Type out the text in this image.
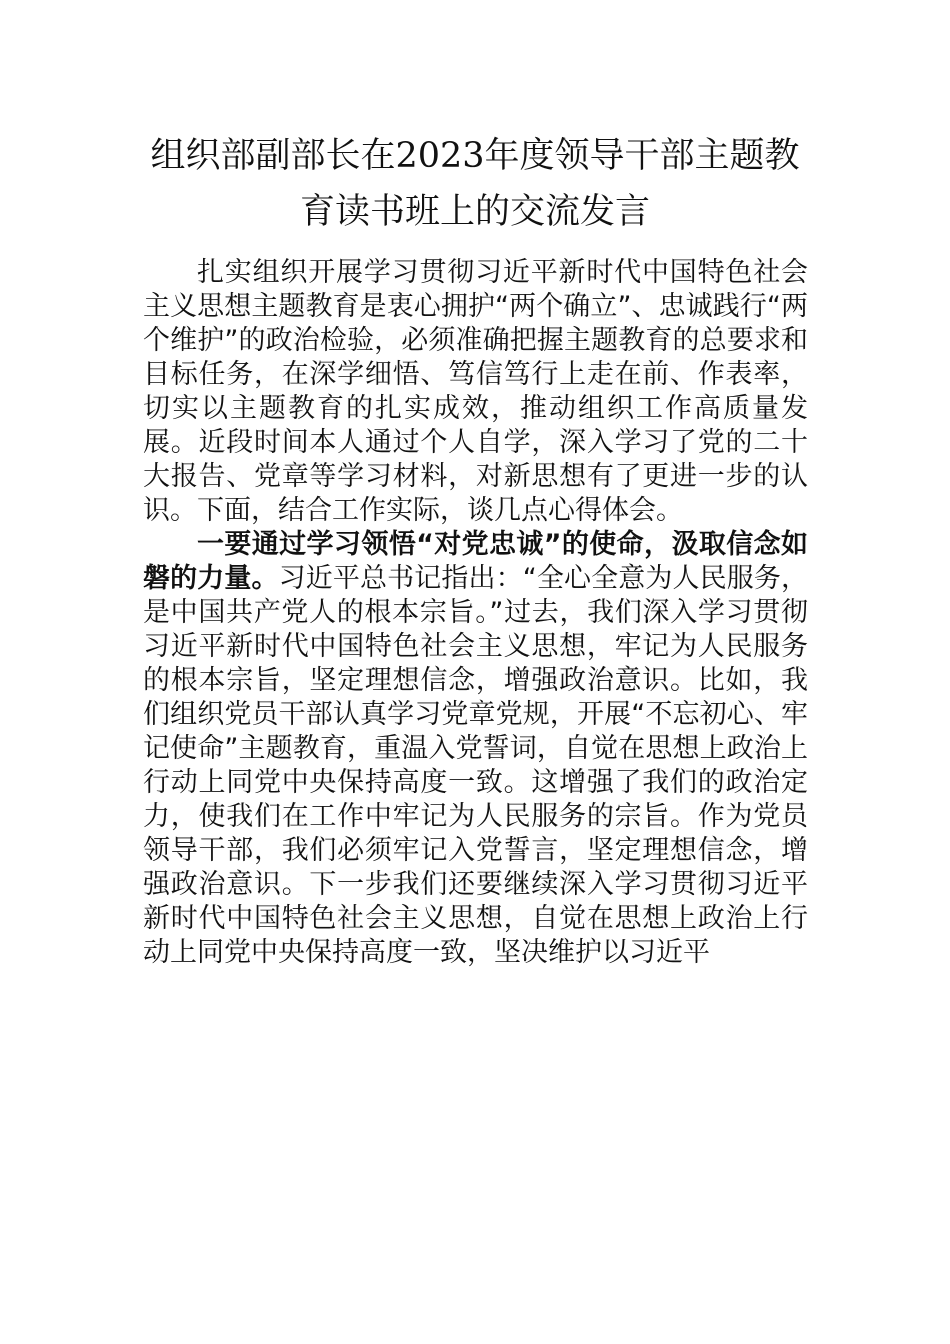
组织部副部长在2023年度领导干部主题教
育读书班上的交流发言

扎实组织开展学习贯彻习近平新时代中国特色社会主义思想主题教育是衷心拥护“两个确立”、忠诚践行“两个维护”的政治检验，必须准确把握主题教育的总要求和目标任务，在深学细悟、笃信笃行上走在前、作表率，切实以主题教育的扎实成效，推动组织工作高质量发展。近段时间本人通过个人自学，深入学习了党的二十大报告、党章等学习材料，对新思想有了更进一步的认识。下面，结合工作实际，谈几点心得体会。

一要通过学习领悟“对党忠诚”的使命，汲取信念如磐的力量。习近平总书记指出：“全心全意为人民服务，是中国共产党人的根本宗旨。”过去，我们深入学习贯彻习近平新时代中国特色社会主义思想，牢记为人民服务的根本宗旨，坚定理想信念，增强政治意识。比如，我们组织党员干部认真学习党章党规，开展“不忘初心、牢记使命”主题教育，重温入党誓词，自觉在思想上政治上行动上同党中央保持高度一致。这增强了我们的政治定力，使我们在工作中牢记为人民服务的宗旨。作为党员领导干部，我们必须牢记入党誓言，坚定理想信念，增强政治意识。下一步我们还要继续深入学习贯彻习近平新时代中国特色社会主义思想，自觉在思想上政治上行动上同党中央保持高度一致，坚决维护以习近平
